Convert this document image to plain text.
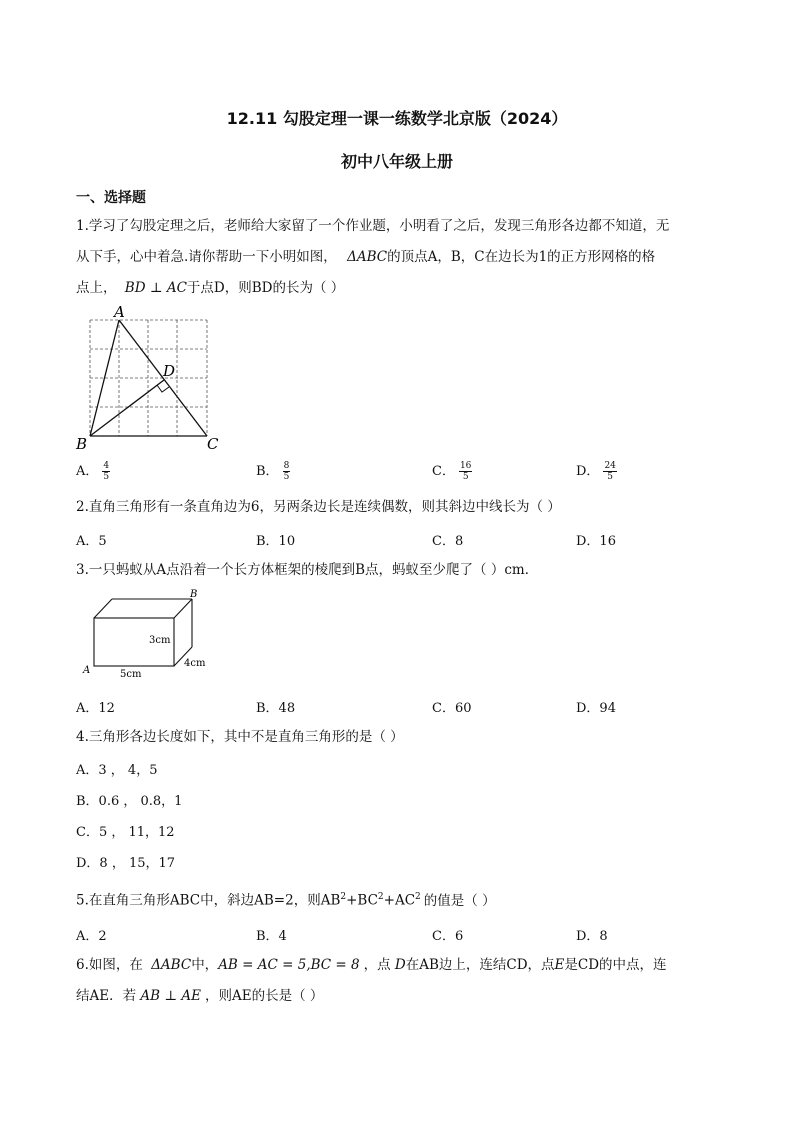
12.11 勾股定理一课一练数学北京版（2024）
初中八年级上册
一、选择题
1.学习了勾股定理之后，老师给大家留了一个作业题，小明看了之后，发现三角形各边都不知道，无
从下手，心中着急.请你帮助一下小明如图， ΔABC的顶点A，B，C在边长为1的正方形网格的格
点上， BD ⊥ AC于点D，则BD的长为（ ）
A
B	C
D
A． $\frac{4}{5}$	B． $\frac{8}{5}$	C． $\frac{16}{5}$	D． $\frac{24}{5}$
2.直角三角形有一条直角边为6，另两条边长是连续偶数，则其斜边中线长为（ ）
A．5	B．10	C．8	D．16
3.一只蚂蚁从A点沿着一个长方体框架的棱爬到B点，蚂蚁至少爬了（ ）cm．
B
A
3cm
5cm
4cm
A．12	B．48	C．60	D．94
4.三角形各边长度如下，其中不是直角三角形的是（ ）
A．3 ， 4，5
B．0.6 ， 0.8，1
C．5 ， 11，12
D．8 ， 15，17
5.在直角三角形ABC中，斜边AB=2，则$AB^2+BC^2+AC^2$ 的值是（ ）
A．2	B．4	C．6	D．8
6.如图，在 ΔABC中，AB = AC = 5,BC = 8 ，点 D在AB边上，连结CD，点E是CD的中点，连
结AE．若 AB ⊥ AE ，则AE的长是（ ）
